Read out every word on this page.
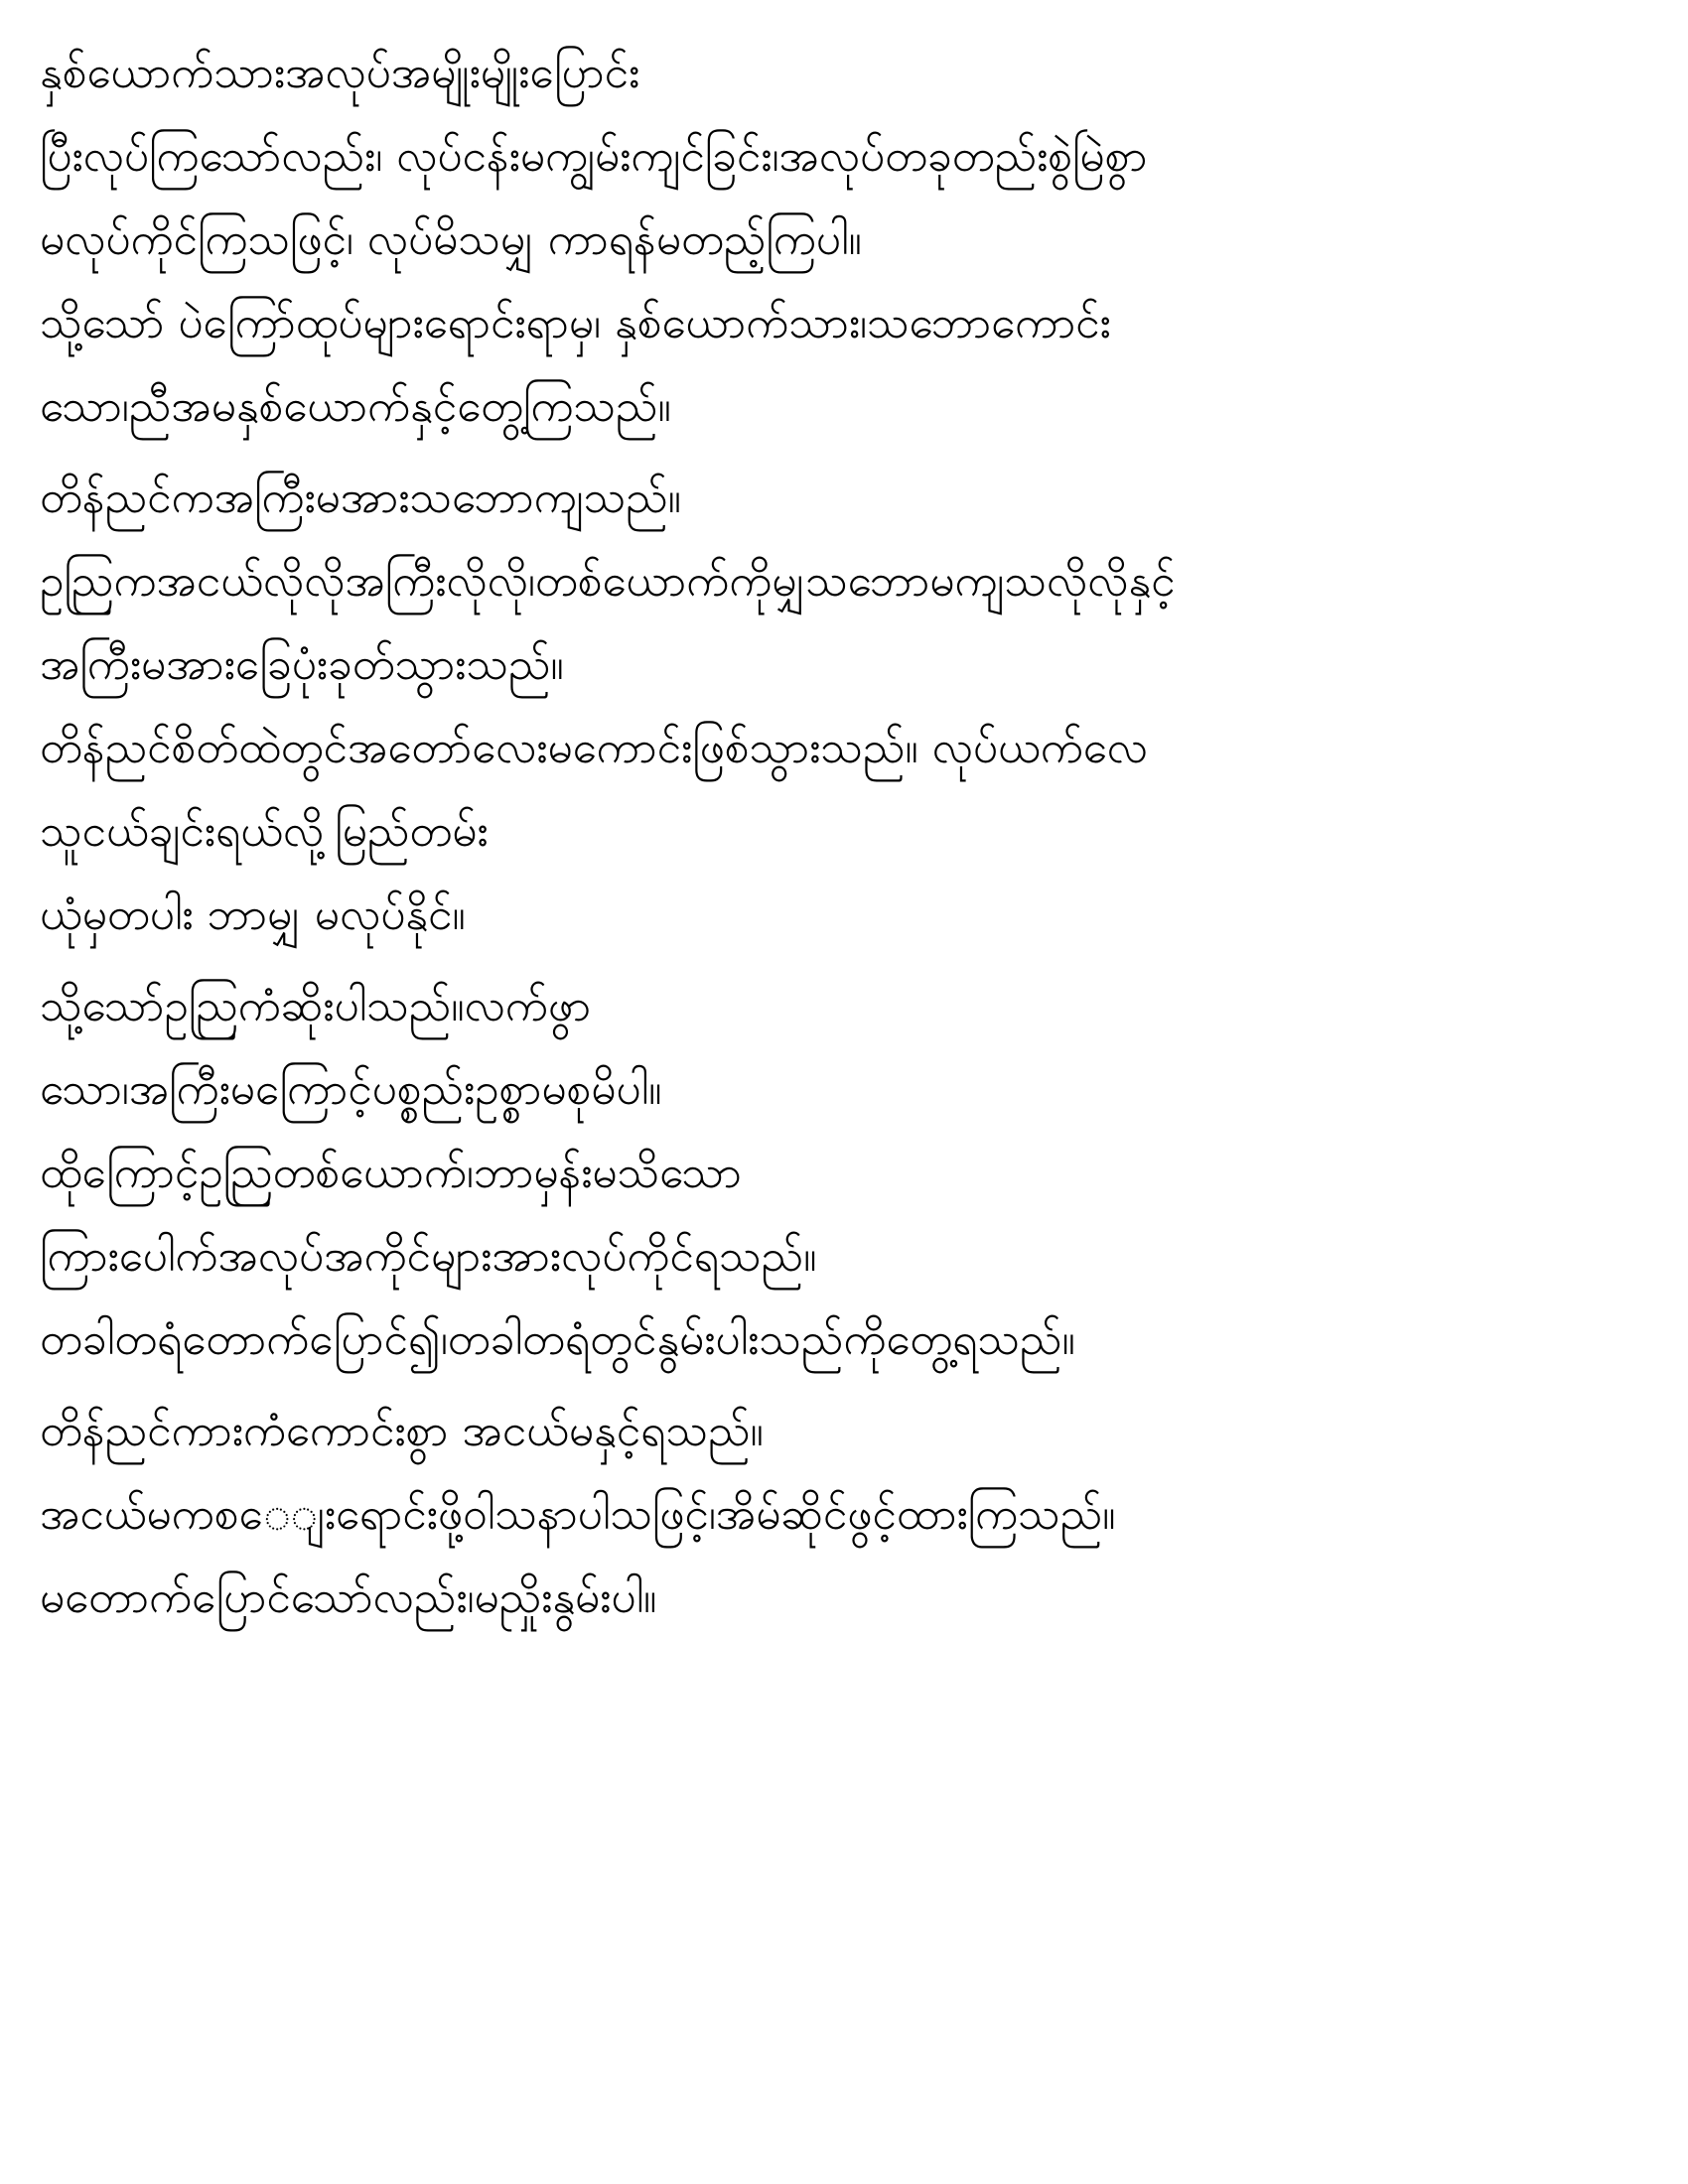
နှစ်ယောက်သားအလုပ်အမျိုးမျိုးပြောင်း
ပြီးလုပ်ကြသော်လည်း၊ လုပ်ငန်းမကျွမ်းကျင်ခြင်း၊အလုပ်တခုတည်းစွဲမြဲစွာ
မလုပ်ကိုင်ကြသဖြင့်၊ လုပ်မိသမျှ ကာရန်မတည့်ကြပါ။
သို့သော် ပဲကြော်ထုပ်များရောင်းရာမှ၊ နှစ်ယောက်သား၊သဘောကောင်း
သော၊ညီအမနှစ်ယောက်နှင့်တွေ့ကြသည်။
တိန်ညင်ကအကြီးမအားသဘောကျသည်။
ဥညြကအငယ်လိုလိုအကြီးလိုလို၊တစ်ယောက်ကိုမျှသဘောမကျသလိုလိုနှင့်
အကြီးမအားခြေပုံးခုတ်သွားသည်။
တိန်ညင်စိတ်ထဲတွင်အတော်လေးမကောင်းဖြစ်သွားသည်။ လုပ်ယက်လေ
သူငယ်ချင်းရယ်လို့မြည်တမ်း
ယုံမှတပါး ဘာမျှ မလုပ်နိုင်။
သို့သော်ဥညြကံဆိုးပါသည်။လက်ဖွာ
သော၊အကြီးမကြောင့်ပစ္စည်းဥစ္စာမစုမိပါ။
ထိုကြောင့်ဥညြတစ်ယောက်၊ဘာမှန်းမသိသော
ကြားပေါက်အလုပ်အကိုင်များအားလုပ်ကိုင်ရသည်။
တခါတရံတောက်ပြောင်၍၊တခါတရံတွင်နွမ်းပါးသည်ကိုတွေ့ရသည်။
တိန်ညင်ကားကံကောင်းစွာ အငယ်မနှင့်ရသည်။
အငယ်မကစ‌ေျးရောင်းဖို့ဝါသနာပါသဖြင့်၊အိမ်ဆိုင်ဖွင့်ထားကြသည်။
မတောက်ပြောင်သော်လည်း၊မညှိုးနွမ်းပါ။
